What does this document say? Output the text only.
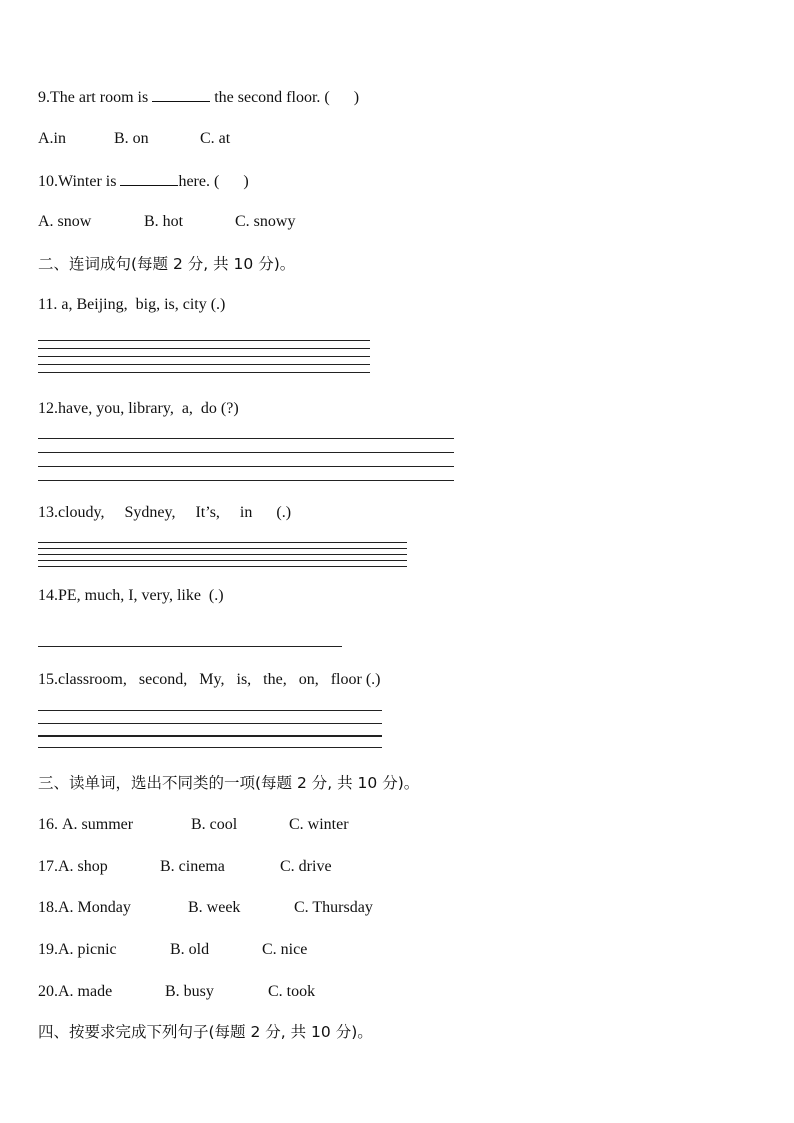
9.The art room is	the second floor. (      )
A.in	B. on	C. at
10.Winter is	here. (      )
A. snow	B. hot	C. snowy
二、连词成句(每题 2 分, 共 10 分)。
11. a, Beijing,  big, is, city (.)
12.have, you, library,  a,  do (?)
13.cloudy,     Sydney,     It’s,     in      (.)
14.PE, much, I, very, like  (.)
15.classroom,   second,   My,   is,   the,   on,   floor (.)
三、读单词，选出不同类的一项(每题 2 分, 共 10 分)。
16. A. summer	B. cool	C. winter
17.A. shop	B. cinema	C. drive
18.A. Monday	B. week	C. Thursday
19.A. picnic	B. old	C. nice
20.A. made	B. busy	C. took
四、按要求完成下列句子(每题 2 分, 共 10 分)。
